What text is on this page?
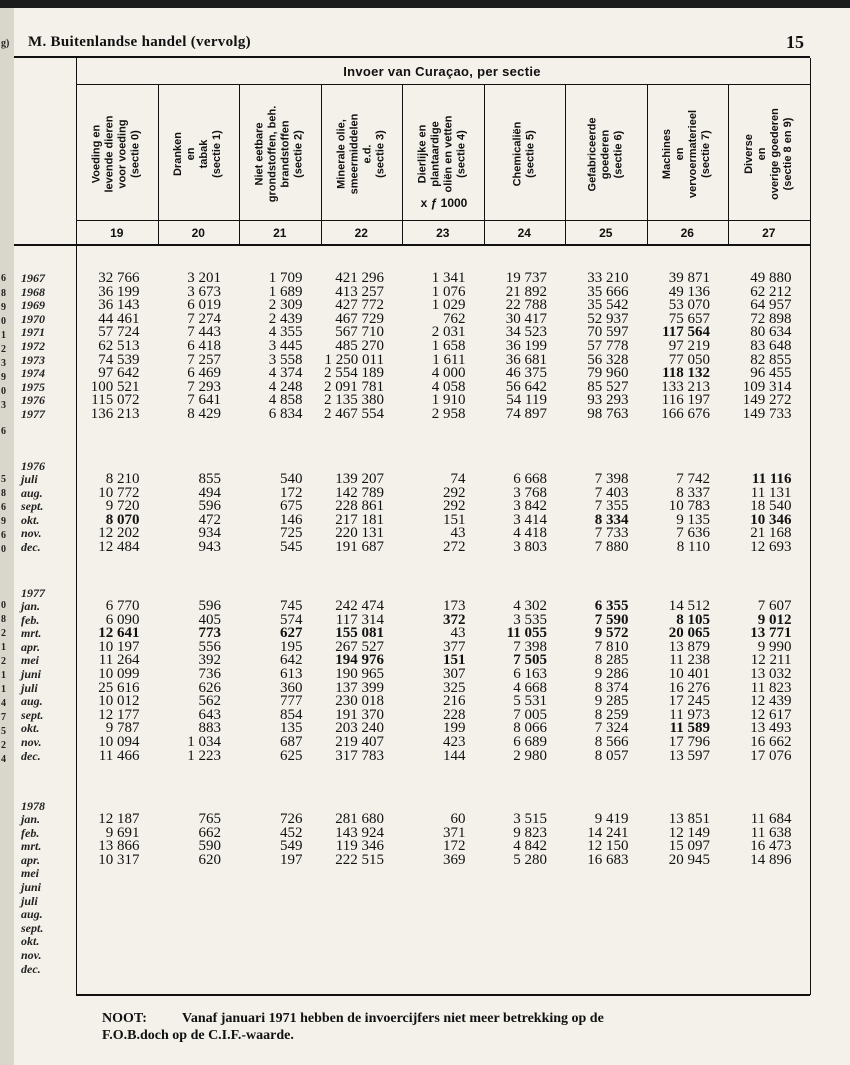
g)
6
8
9
0
1
2
3
9
0
3
6
5
8
6
9
6
0
0
8
2
1
2
1
1
4
7
5
2
4
M. Buitenlandse handel (vervolg)	15
Invoer van Curaçao, per sectie
x ƒ 1000
Voeding en
levende dieren
voor voeding
(sectie 0)
19
Dranken
en
tabak
(sectie 1)
20
Niet eetbare
grondstoffen, beh.
brandstoffen
(sectie 2)
21
Minerale olie,
smeermiddelen
e.d.
(sectie 3)
22
Dierlijke en
plantaardige
oliën en vetten
(sectie 4)
23
Chemicaliën
(sectie 5)
24
Gefabriceerde
goederen
(sectie 6)
25
Machines
en
vervoermaterieel
(sectie 7)
26
Diverse
en
overige goederen
(sectie 8 en 9)
27
1967	32 766	3 201	1 709	421 296	1 341	19 737	33 210	39 871	49 880
1968	36 199	3 673	1 689	413 257	1 076	21 892	35 666	49 136	62 212
1969	36 143	6 019	2 309	427 772	1 029	22 788	35 542	53 070	64 957
1970	44 461	7 274	2 439	467 729	762	30 417	52 937	75 657	72 898
1971	57 724	7 443	4 355	567 710	2 031	34 523	70 597	117 564	80 634
1972	62 513	6 418	3 445	485 270	1 658	36 199	57 778	97 219	83 648
1973	74 539	7 257	3 558	1 250 011	1 611	36 681	56 328	77 050	82 855
1974	97 642	6 469	4 374	2 554 189	4 000	46 375	79 960	118 132	96 455
1975	100 521	7 293	4 248	2 091 781	4 058	56 642	85 527	133 213	109 314
1976	115 072	7 641	4 858	2 135 380	1 910	54 119	93 293	116 197	149 272
1977	136 213	8 429	6 834	2 467 554	2 958	74 897	98 763	166 676	149 733
1976
juli	8 210	855	540	139 207	74	6 668	7 398	7 742	11 116
aug.	10 772	494	172	142 789	292	3 768	7 403	8 337	11 131
sept.	9 720	596	675	228 861	292	3 842	7 355	10 783	18 540
okt.	8 070	472	146	217 181	151	3 414	8 334	9 135	10 346
nov.	12 202	934	725	220 131	43	4 418	7 733	7 636	21 168
dec.	12 484	943	545	191 687	272	3 803	7 880	8 110	12 693
1977
jan.	6 770	596	745	242 474	173	4 302	6 355	14 512	7 607
feb.	6 090	405	574	117 314	372	3 535	7 590	8 105	9 012
mrt.	12 641	773	627	155 081	43	11 055	9 572	20 065	13 771
apr.	10 197	556	195	267 527	377	7 398	7 810	13 879	9 990
mei	11 264	392	642	194 976	151	7 505	8 285	11 238	12 211
juni	10 099	736	613	190 965	307	6 163	9 286	10 401	13 032
juli	25 616	626	360	137 399	325	4 668	8 374	16 276	11 823
aug.	10 012	562	777	230 018	216	5 531	9 285	17 245	12 439
sept.	12 177	643	854	191 370	228	7 005	8 259	11 973	12 617
okt.	9 787	883	135	203 240	199	8 066	7 324	11 589	13 493
nov.	10 094	1 034	687	219 407	423	6 689	8 566	17 796	16 662
dec.	11 466	1 223	625	317 783	144	2 980	8 057	13 597	17 076
1978
jan.	12 187	765	726	281 680	60	3 515	9 419	13 851	11 684
feb.	9 691	662	452	143 924	371	9 823	14 241	12 149	11 638
mrt.	13 866	590	549	119 346	172	4 842	12 150	15 097	16 473
apr.	10 317	620	197	222 515	369	5 280	16 683	20 945	14 896
mei
juni
juli
aug.
sept.
okt.
nov.
dec.
NOOT:	Vanaf januari 1971 hebben de invoercijfers niet meer betrekking op de
F.O.B.doch op de C.I.F.-waarde.
